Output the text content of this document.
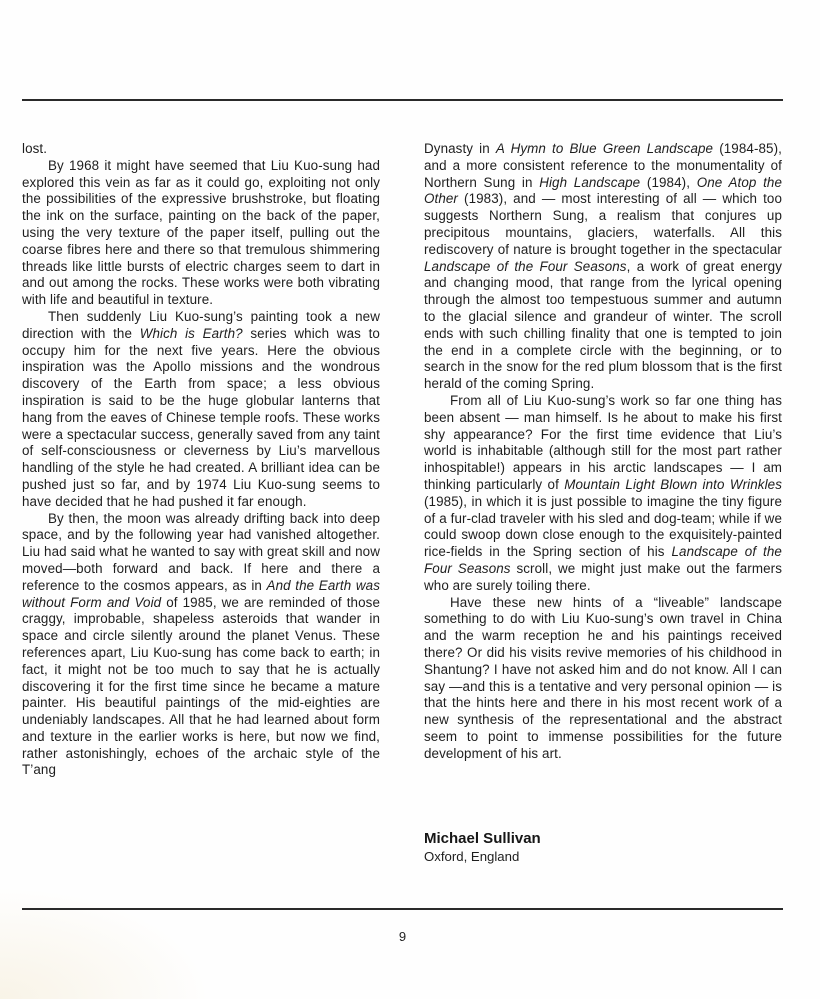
lost.

By 1968 it might have seemed that Liu Kuo-sung had explored this vein as far as it could go, exploiting not only the possibilities of the expressive brushstroke, but floating the ink on the surface, painting on the back of the paper, using the very texture of the paper itself, pulling out the coarse fibres here and there so that tremulous shimmering threads like little bursts of electric charges seem to dart in and out among the rocks. These works were both vibrating with life and beautiful in texture.

Then suddenly Liu Kuo-sung’s painting took a new direction with the Which is Earth? series which was to occupy him for the next five years. Here the obvious inspiration was the Apollo missions and the wondrous discovery of the Earth from space; a less obvious inspiration is said to be the huge globular lanterns that hang from the eaves of Chinese temple roofs. These works were a spectacular success, generally saved from any taint of self-consciousness or cleverness by Liu’s marvellous handling of the style he had created. A brilliant idea can be pushed just so far, and by 1974 Liu Kuo-sung seems to have decided that he had pushed it far enough.

By then, the moon was already drifting back into deep space, and by the following year had vanished altogether. Liu had said what he wanted to say with great skill and now moved—both forward and back. If here and there a reference to the cosmos appears, as in And the Earth was without Form and Void of 1985, we are reminded of those craggy, improbable, shapeless asteroids that wander in space and circle silently around the planet Venus. These references apart, Liu Kuo-sung has come back to earth; in fact, it might not be too much to say that he is actually discovering it for the first time since he became a mature painter. His beautiful paintings of the mid-eighties are undeniably landscapes. All that he had learned about form and texture in the earlier works is here, but now we find, rather astonishingly, echoes of the archaic style of the T’ang

Dynasty in A Hymn to Blue Green Landscape (1984-85), and a more consistent reference to the monumentality of Northern Sung in High Landscape (1984), One Atop the Other (1983), and — most interesting of all — which too suggests Northern Sung, a realism that conjures up precipitous mountains, glaciers, waterfalls. All this rediscovery of nature is brought together in the spectacular Landscape of the Four Seasons, a work of great energy and changing mood, that range from the lyrical opening through the almost too tempestuous summer and autumn to the glacial silence and grandeur of winter. The scroll ends with such chilling finality that one is tempted to join the end in a complete circle with the beginning, or to search in the snow for the red plum blossom that is the first herald of the coming Spring.

From all of Liu Kuo-sung’s work so far one thing has been absent — man himself. Is he about to make his first shy appearance? For the first time evidence that Liu’s world is inhabitable (although still for the most part rather inhospitable!) appears in his arctic landscapes — I am thinking particularly of Mountain Light Blown into Wrinkles (1985), in which it is just possible to imagine the tiny figure of a fur-clad traveler with his sled and dog-team; while if we could swoop down close enough to the exquisitely-painted rice-fields in the Spring section of his Landscape of the Four Seasons scroll, we might just make out the farmers who are surely toiling there.

Have these new hints of a “liveable” landscape something to do with Liu Kuo-sung’s own travel in China and the warm reception he and his paintings received there? Or did his visits revive memories of his childhood in Shantung? I have not asked him and do not know. All I can say —and this is a tentative and very personal opinion — is that the hints here and there in his most recent work of a new synthesis of the representational and the abstract seem to point to immense possibilities for the future development of his art.

Michael Sullivan
Oxford, England
9
